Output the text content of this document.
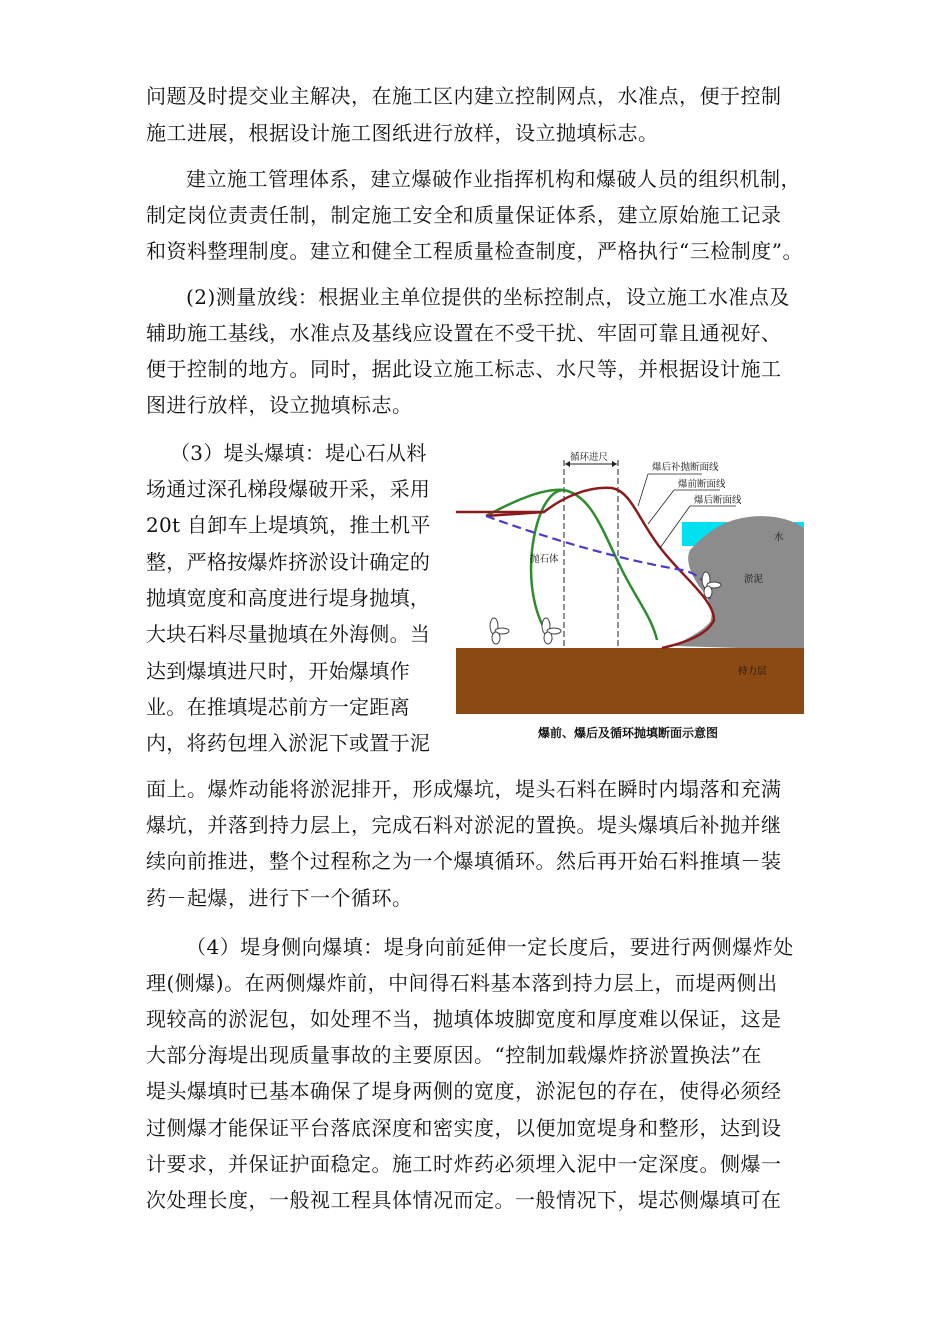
问题及时提交业主解决，在施工区内建立控制网点，水准点，便于控制
施工进展，根据设计施工图纸进行放样，设立抛填标志。
建立施工管理体系，建立爆破作业指挥机构和爆破人员的组织机制，
制定岗位责责任制，制定施工安全和质量保证体系，建立原始施工记录
和资料整理制度。建立和健全工程质量检查制度，严格执行“三检制度”。
(2)测量放线：根据业主单位提供的坐标控制点，设立施工水准点及
辅助施工基线，水准点及基线应设置在不受干扰、牢固可靠且通视好、
便于控制的地方。同时，据此设立施工标志、水尺等，并根据设计施工
图进行放样，设立抛填标志。
（3）堤头爆填：堤心石从料
场通过深孔梯段爆破开采，采用
20t 自卸车上堤填筑，推土机平
整，严格按爆炸挤淤设计确定的
抛填宽度和高度进行堤身抛填，
大块石料尽量抛填在外海侧。当
达到爆填进尺时，开始爆填作
业。在推填堤芯前方一定距离
内，将药包埋入淤泥下或置于泥
面上。爆炸动能将淤泥排开，形成爆坑，堤头石料在瞬时内塌落和充满
爆坑，并落到持力层上，完成石料对淤泥的置换。堤头爆填后补抛并继
续向前推进，整个过程称之为一个爆填循环。然后再开始石料推填－装
药－起爆，进行下一个循环。
循环进尺
爆后补抛断面线
爆前断面线
爆后断面线
水
抛石体
淤泥
持力层
爆前、爆后及循环抛填断面示意图
（4）堤身侧向爆填：堤身向前延伸一定长度后，要进行两侧爆炸处
理(侧爆)。在两侧爆炸前，中间得石料基本落到持力层上，而堤两侧出
现较高的淤泥包，如处理不当，抛填体坡脚宽度和厚度难以保证，这是
大部分海堤出现质量事故的主要原因。“控制加载爆炸挤淤置换法”在
堤头爆填时已基本确保了堤身两侧的宽度，淤泥包的存在，使得必须经
过侧爆才能保证平台落底深度和密实度，以便加宽堤身和整形，达到设
计要求，并保证护面稳定。施工时炸药必须埋入泥中一定深度。侧爆一
次处理长度，一般视工程具体情况而定。一般情况下，堤芯侧爆填可在
